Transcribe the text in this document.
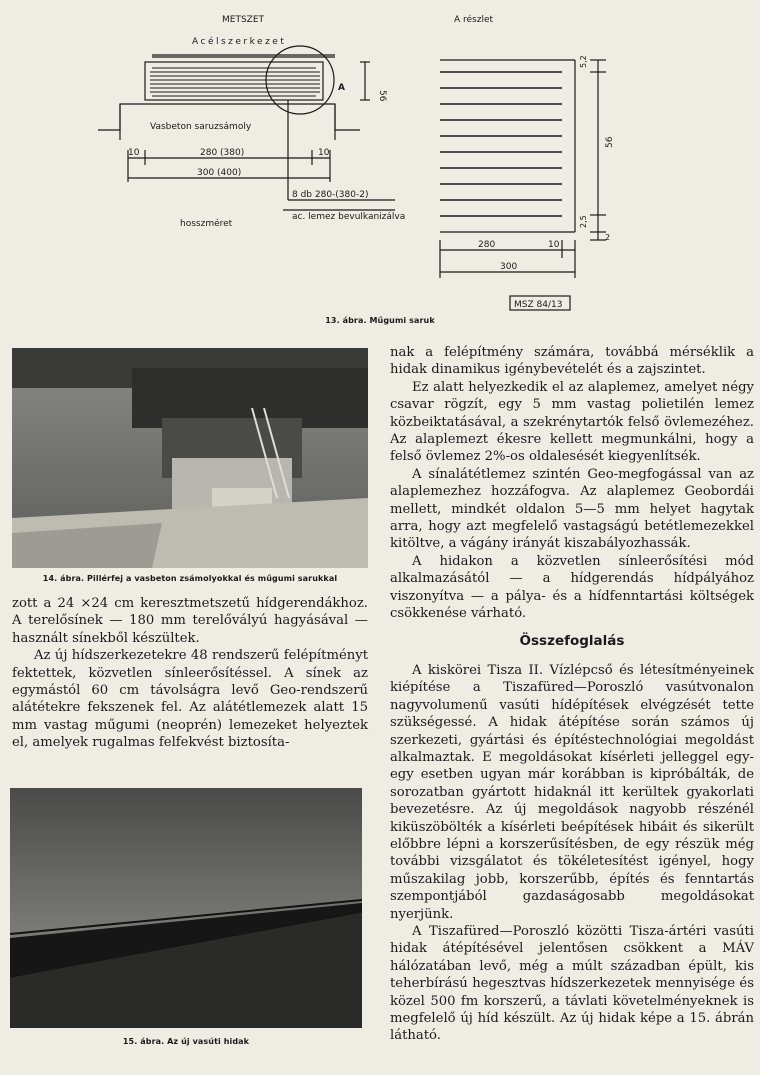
METSZET
Acélszerkezet
A részlet
A
Vasbeton saruzsámoly
56
10	280 (380)	10
300 (400)
8 db 280-(380-2)
ac. lemez bevulkanizálva
hosszméret
5,2
56
2,5
2
280	10
300
MSZ 84/13
13. ábra. Műgumi saruk
14. ábra. Pillérfej a vasbeton zsámolyokkal és műgumi sarukkal

zott a 24 ×24 cm keresztmetszetű hídgerendákhoz. A terelősínek — 180 mm terelővályú hagyásával — használt sínekből készültek.

Az új hídszerkezetekre 48 rendszerű felépítményt fektettek, közvetlen sínleerősítéssel. A sínek az egymástól 60 cm távolságra levő Geo-rendszerű alátétekre fekszenek fel. Az alátétlemezek alatt 15 mm vastag műgumi (neoprén) lemezeket helyeztek el, amelyek rugalmas felfekvést biztosíta-

15. ábra. Az új vasúti hidak

nak a felépítmény számára, továbbá mérséklik a hidak dinamikus igénybevételét és a zajszintet.

Ez alatt helyezkedik el az alaplemez, amelyet négy csavar rögzít, egy 5 mm vastag polietilén lemez közbeiktatásával, a szekrénytartók felső övlemezéhez. Az alaplemezt ékesre kellett megmunkálni, hogy a felső övlemez 2%-os oldalesését kiegyenlítsék.

A sínalátétlemez szintén Geo-megfogással van az alaplemezhez hozzáfogva. Az alaplemez Geobordái mellett, mindkét oldalon 5—5 mm helyet hagytak arra, hogy azt megfelelő vastagságú betétlemezekkel kitöltve, a vágány irányát kiszabályozhassák.

A hidakon a közvetlen sínleerősítési mód alkalmazásától — a hídgerendás hídpályához viszonyítva — a pálya- és a hídfenntartási költségek csökkenése várható.

Összefoglalás

A kiskörei Tisza II. Vízlépcső és létesítményeinek kiépítése a Tiszafüred—Poroszló vasútvonalon nagyvolumenű vasúti hídépítések elvégzését tette szükségessé. A hidak átépítése során számos új szerkezeti, gyártási és építéstechnológiai megoldást alkalmaztak. E megoldásokat kísérleti jelleggel egy-egy esetben ugyan már korábban is kipróbálták, de sorozatban gyártott hidaknál itt kerültek gyakorlati bevezetésre. Az új megoldások nagyobb részénél kiküszöbölték a kísérleti beépítések hibáit és sikerült előbbre lépni a korszerűsítésben, de egy részük még további vizsgálatot és tökéletesítést igényel, hogy műszakilag jobb, korszerűbb, építés és fenntartás szempontjából gazdaságosabb megoldásokat nyerjünk.

A Tiszafüred—Poroszló közötti Tisza-ártéri vasúti hidak átépítésével jelentősen csökkent a MÁV hálózatában levő, még a múlt században épült, kis teherbírású hegesztvas hídszerkezetek mennyisége és közel 500 fm korszerű, a távlati követelményeknek is megfelelő új híd készült. Az új hidak képe a 15. ábrán látható.
